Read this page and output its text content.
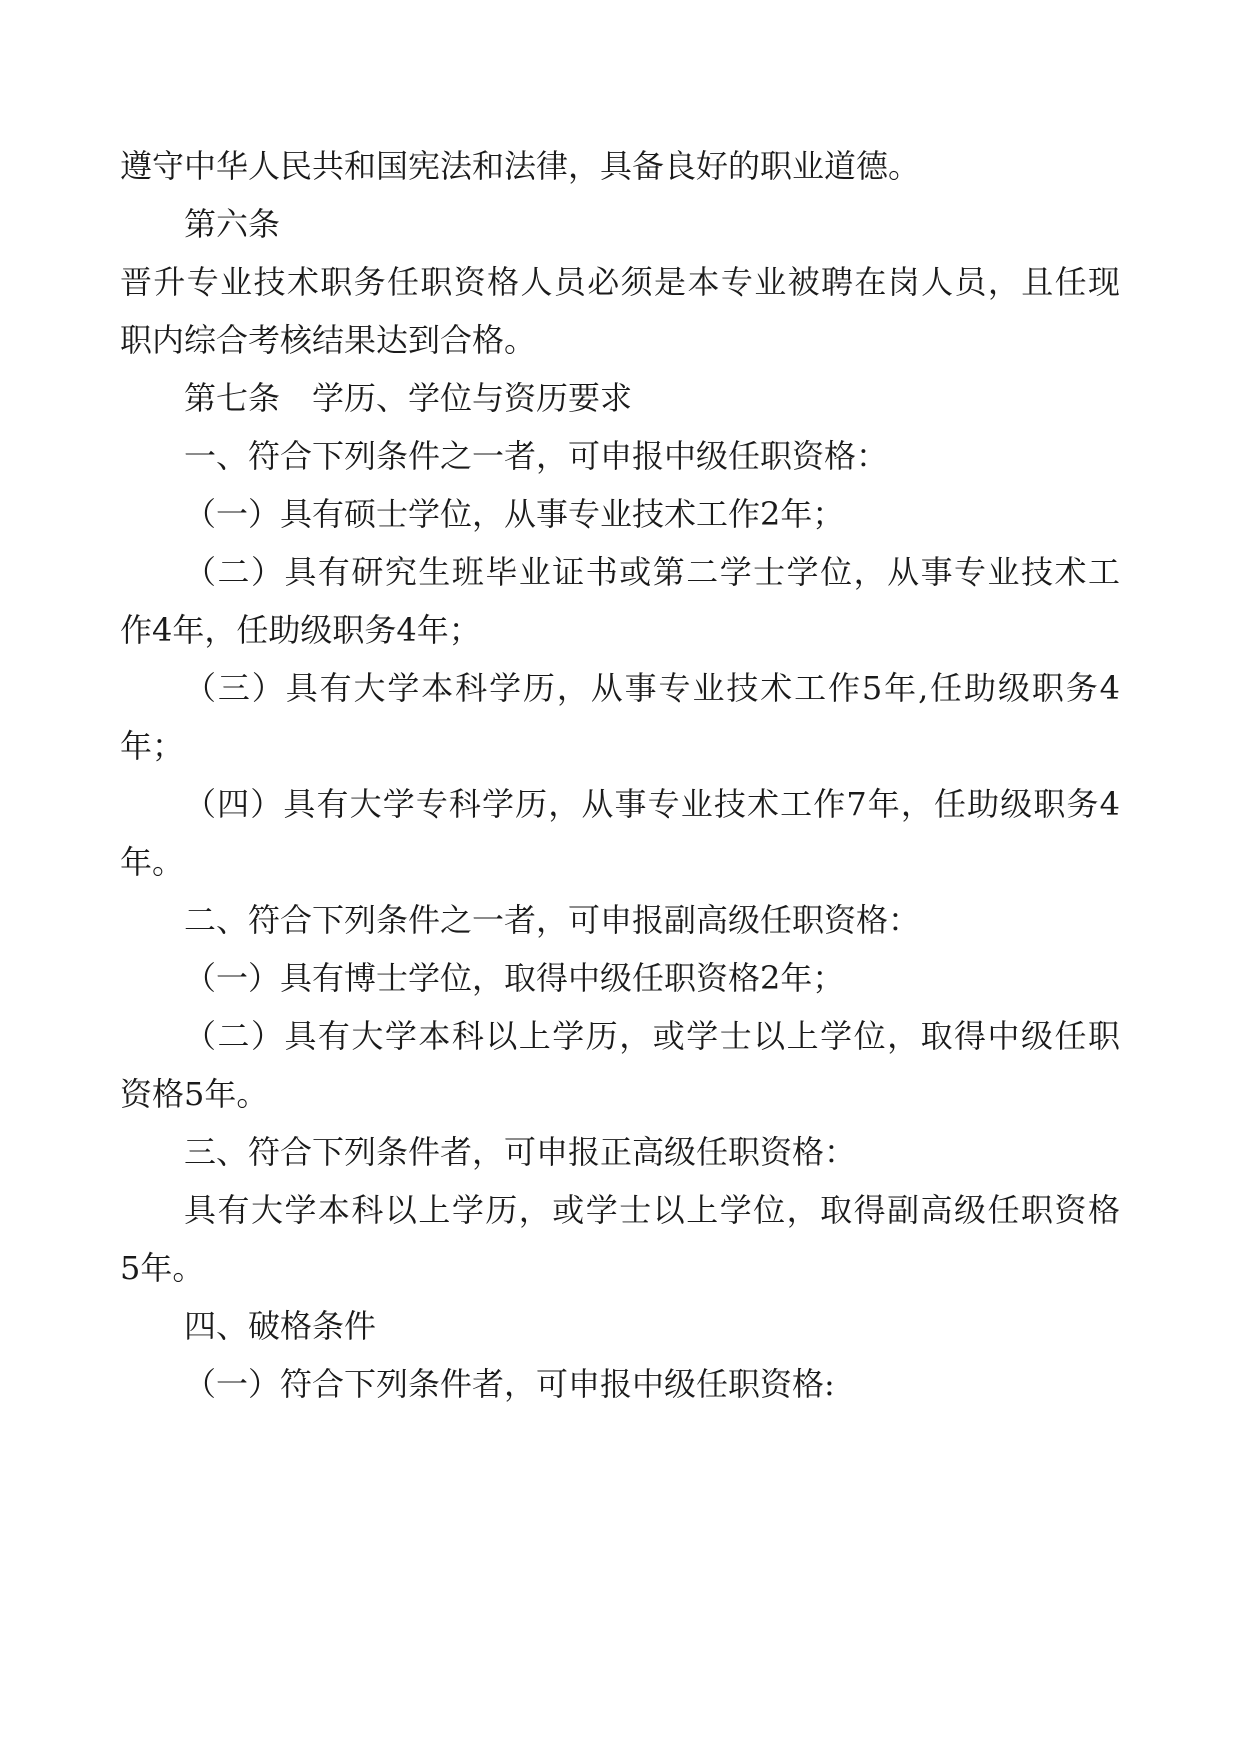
遵守中华人民共和国宪法和法律，具备良好的职业道德。
第六条
晋升专业技术职务任职资格人员必须是本专业被聘在岗人员，且任现
职内综合考核结果达到合格。
第七条　学历、学位与资历要求
一、符合下列条件之一者，可申报中级任职资格：
（一）具有硕士学位，从事专业技术工作2年；
（二）具有研究生班毕业证书或第二学士学位，从事专业技术工
作4年，任助级职务4年；
（三）具有大学本科学历，从事专业技术工作5年,任助级职务4
年；
（四）具有大学专科学历，从事专业技术工作7年，任助级职务4
年。
二、符合下列条件之一者，可申报副高级任职资格：
（一）具有博士学位，取得中级任职资格2年；
（二）具有大学本科以上学历，或学士以上学位，取得中级任职
资格5年。
三、符合下列条件者，可申报正高级任职资格：
具有大学本科以上学历，或学士以上学位，取得副高级任职资格
5年。
四、破格条件
（一）符合下列条件者，可申报中级任职资格:
